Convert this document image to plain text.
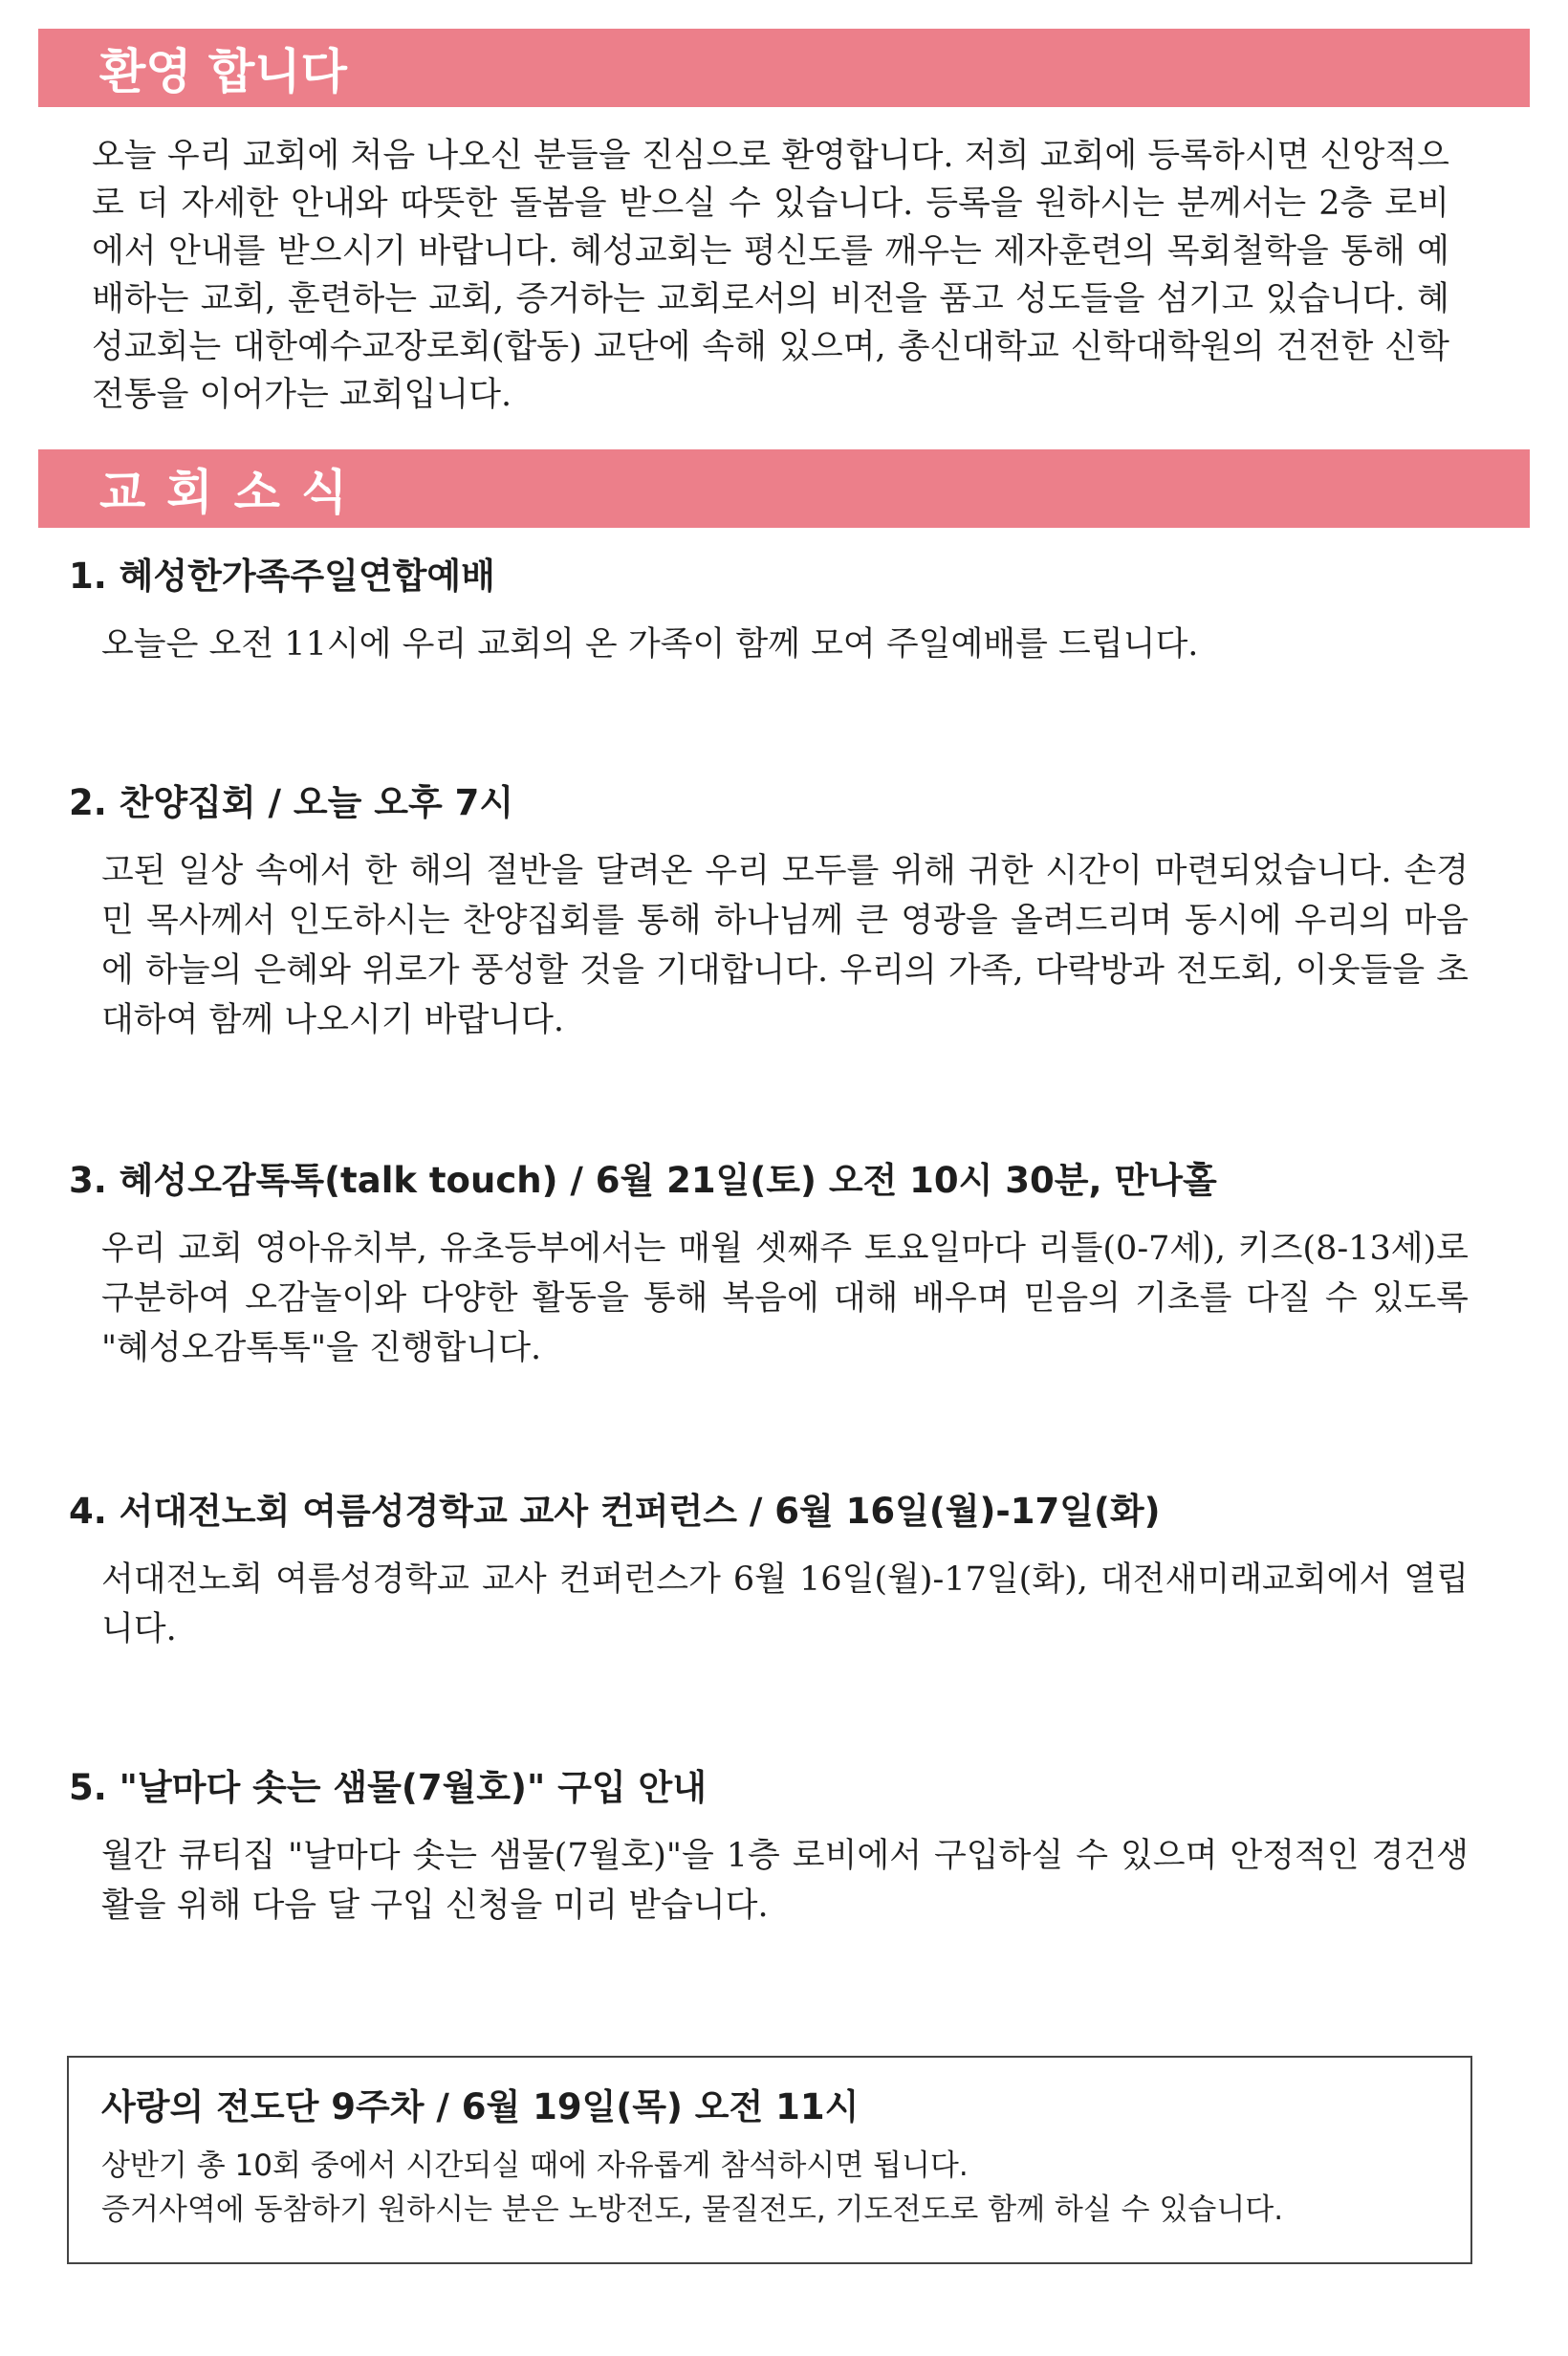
환영 합니다

오늘 우리 교회에 처음 나오신 분들을 진심으로 환영합니다. 저희 교회에 등록하시면 신앙적으로 더 자세한 안내와 따뜻한 돌봄을 받으실 수 있습니다. 등록을 원하시는 분께서는 2층 로비에서 안내를 받으시기 바랍니다. 혜성교회는 평신도를 깨우는 제자훈련의 목회철학을 통해 예배하는 교회, 훈련하는 교회, 증거하는 교회로서의 비전을 품고 성도들을 섬기고 있습니다. 혜성교회는 대한예수교장로회(합동) 교단에 속해 있으며, 총신대학교 신학대학원의 건전한 신학전통을 이어가는 교회입니다.

교회소식
1. 혜성한가족주일연합예배

오늘은 오전 11시에 우리 교회의 온 가족이 함께 모여 주일예배를 드립니다.

2. 찬양집회 / 오늘 오후 7시

고된 일상 속에서 한 해의 절반을 달려온 우리 모두를 위해 귀한 시간이 마련되었습니다. 손경민 목사께서 인도하시는 찬양집회를 통해 하나님께 큰 영광을 올려드리며 동시에 우리의 마음에 하늘의 은혜와 위로가 풍성할 것을 기대합니다. 우리의 가족, 다락방과 전도회, 이웃들을 초대하여 함께 나오시기 바랍니다.

3. 혜성오감톡톡(talk touch) / 6월 21일(토) 오전 10시 30분, 만나홀

우리 교회 영아유치부, 유초등부에서는 매월 셋째주 토요일마다 리틀(0-7세), 키즈(8-13세)로 구분하여 오감놀이와 다양한 활동을 통해 복음에 대해 배우며 믿음의 기초를 다질 수 있도록 "혜성오감톡톡"을 진행합니다.

4. 서대전노회 여름성경학교 교사 컨퍼런스 / 6월 16일(월)-17일(화)

서대전노회 여름성경학교 교사 컨퍼런스가 6월 16일(월)-17일(화), 대전새미래교회에서 열립니다.

5. "날마다 솟는 샘물(7월호)" 구입 안내

월간 큐티집 "날마다 솟는 샘물(7월호)"을 1층 로비에서 구입하실 수 있으며 안정적인 경건생활을 위해 다음 달 구입 신청을 미리 받습니다.

사랑의 전도단 9주차 / 6월 19일(목) 오전 11시

상반기 총 10회 중에서 시간되실 때에 자유롭게 참석하시면 됩니다.

증거사역에 동참하기 원하시는 분은 노방전도, 물질전도, 기도전도로 함께 하실 수 있습니다.
